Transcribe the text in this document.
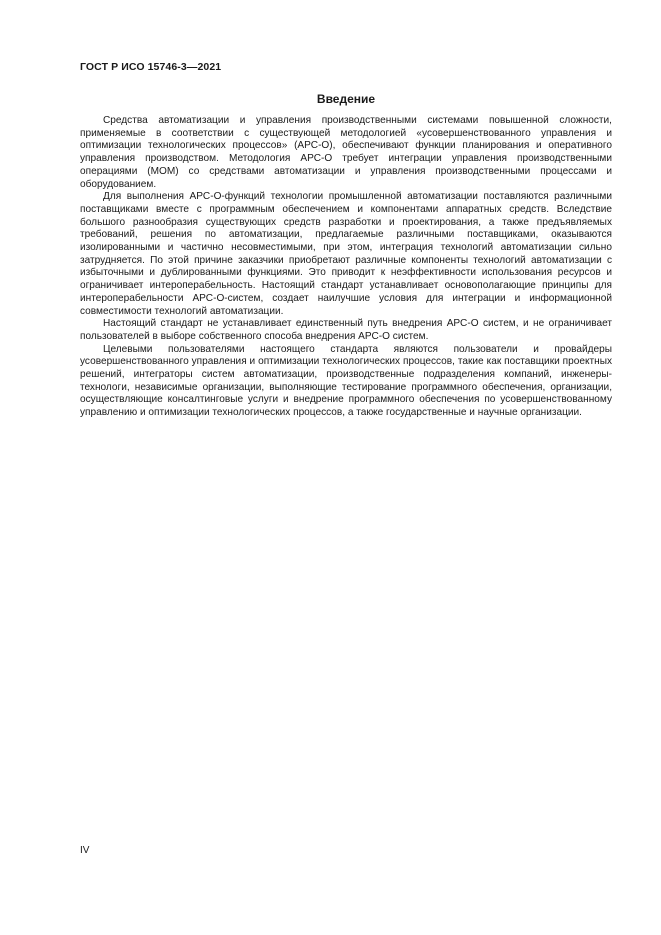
ГОСТ Р ИСО 15746-3—2021
Введение

Средства автоматизации и управления производственными системами повышенной сложности, применяемые в соответствии с существующей методологией «усовершенствованного управления и оптимизации технологических процессов» (АРС-О), обеспечивают функции планирования и оперативного управления производством. Методология АРС-О требует интеграции управления производственными операциями (МОМ) со средствами автоматизации и управления производственными процессами и оборудованием.

Для выполнения АРС-О-функций технологии промышленной автоматизации поставляются различными поставщиками вместе с программным обеспечением и компонентами аппаратных средств. Вследствие большого разнообразия существующих средств разработки и проектирования, а также предъявляемых требований, решения по автоматизации, предлагаемые различными поставщиками, оказываются изолированными и частично несовместимыми, при этом, интеграция технологий автоматизации сильно затрудняется. По этой причине заказчики приобретают различные компоненты технологий автоматизации с избыточными и дублированными функциями. Это приводит к неэффективности использования ресурсов и ограничивает интероперабельность. Настоящий стандарт устанавливает основополагающие принципы для интероперабельности АРС-О-систем, создает наилучшие условия для интеграции и информационной совместимости технологий автоматизации.

Настоящий стандарт не устанавливает единственный путь внедрения АРС-О систем, и не ограничивает пользователей в выборе собственного способа внедрения АРС-О систем.

Целевыми пользователями настоящего стандарта являются пользователи и провайдеры усовершенствованного управления и оптимизации технологических процессов, такие как поставщики проектных решений, интеграторы систем автоматизации, производственные подразделения компаний, инженеры-технологи, независимые организации, выполняющие тестирование программного обеспечения, организации, осуществляющие консалтинговые услуги и внедрение программного обеспечения по усовершенствованному управлению и оптимизации технологических процессов, а также государственные и научные организации.

IV
